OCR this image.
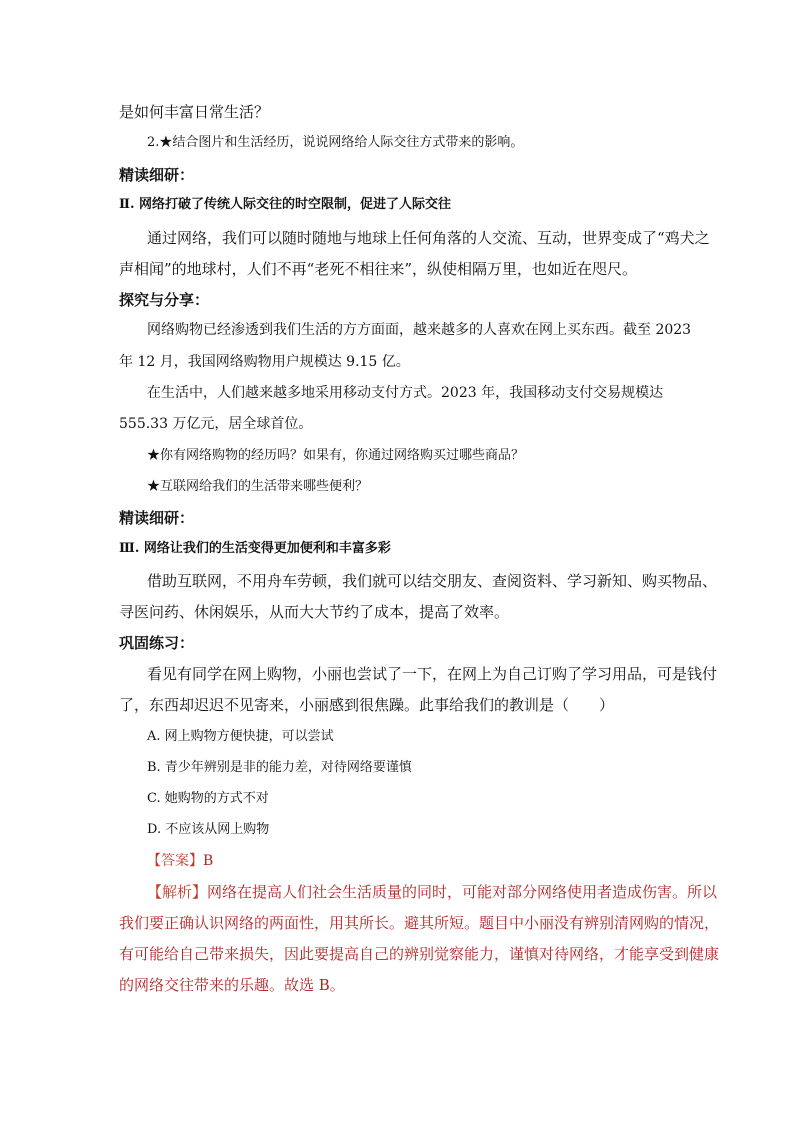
是如何丰富日常生活？
2.★结合图片和生活经历，说说网络给人际交往方式带来的影响。
精读细研：
Ⅱ. 网络打破了传统人际交往的时空限制，促进了人际交往
通过网络，我们可以随时随地与地球上任何角落的人交流、互动，世界变成了“鸡犬之
声相闻”的地球村，人们不再“老死不相往来”，纵使相隔万里，也如近在咫尺。
探究与分享：
网络购物已经渗透到我们生活的方方面面，越来越多的人喜欢在网上买东西。截至 2023
年 12 月，我国网络购物用户规模达 9.15 亿。
在生活中，人们越来越多地采用移动支付方式。2023 年，我国移动支付交易规模达
555.33 万亿元，居全球首位。
★你有网络购物的经历吗？如果有，你通过网络购买过哪些商品？
★互联网给我们的生活带来哪些便利？
精读细研：
Ⅲ. 网络让我们的生活变得更加便利和丰富多彩
借助互联网，不用舟车劳顿，我们就可以结交朋友、查阅资料、学习新知、购买物品、
寻医问药、休闲娱乐，从而大大节约了成本，提高了效率。
巩固练习：
看见有同学在网上购物，小丽也尝试了一下，在网上为自己订购了学习用品，可是钱付
了，东西却迟迟不见寄来，小丽感到很焦躁。此事给我们的教训是（　　）
A. 网上购物方便快捷，可以尝试
B. 青少年辨别是非的能力差，对待网络要谨慎
C. 她购物的方式不对
D. 不应该从网上购物
【答案】B
【解析】网络在提高人们社会生活质量的同时，可能对部分网络使用者造成伤害。所以
我们要正确认识网络的两面性，用其所长。避其所短。题目中小丽没有辨别清网购的情况，
有可能给自己带来损失，因此要提高自己的辨别觉察能力，谨慎对待网络，才能享受到健康
的网络交往带来的乐趣。故选 B。
